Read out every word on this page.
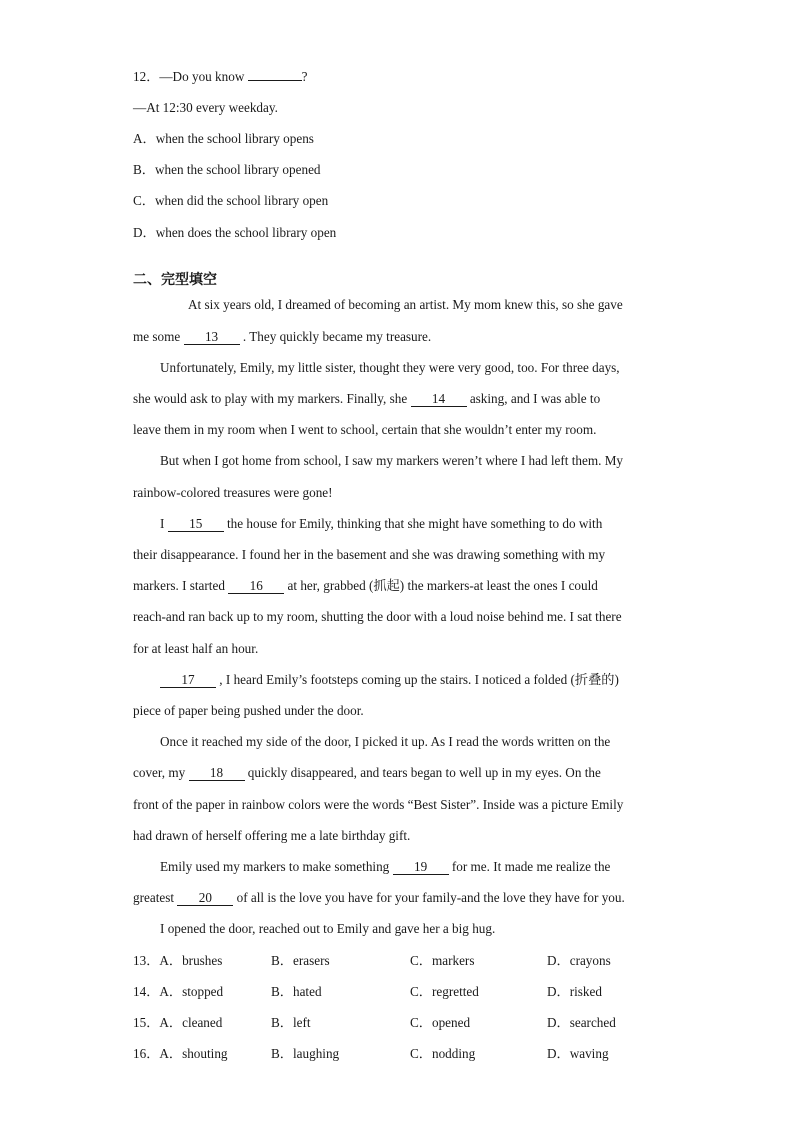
12．—Do you know	?
—At 12:30 every weekday.
A．when the school library opens
B．when the school library opened
C．when did the school library open
D．when does the school library open
二、完型填空
At six years old, I dreamed of becoming an artist. My mom knew this, so she gave
me some 13 . They quickly became my treasure.
Unfortunately, Emily, my little sister, thought they were very good, too. For three days,
she would ask to play with my markers. Finally, she 14 asking, and I was able to
leave them in my room when I went to school, certain that she wouldn’t enter my room.
But when I got home from school, I saw my markers weren’t where I had left them. My
rainbow-colored treasures were gone!
I 15 the house for Emily, thinking that she might have something to do with
their disappearance. I found her in the basement and she was drawing something with my
markers. I started 16 at her, grabbed (抓起) the markers-at least the ones I could
reach-and ran back up to my room, shutting the door with a loud noise behind me. I sat there
for at least half an hour.
17 , I heard Emily’s footsteps coming up the stairs. I noticed a folded (折叠的)
piece of paper being pushed under the door.
Once it reached my side of the door, I picked it up. As I read the words written on the
cover, my 18 quickly disappeared, and tears began to well up in my eyes. On the
front of the paper in rainbow colors were the words “Best Sister”. Inside was a picture Emily
had drawn of herself offering me a late birthday gift.
Emily used my markers to make something 19 for me. It made me realize the
greatest 20 of all is the love you have for your family-and the love they have for you.
I opened the door, reached out to Emily and gave her a big hug.
13．A．brushes	B．erasers	C．markers	D．crayons
14．A．stopped	B．hated	C．regretted	D．risked
15．A．cleaned	B．left	C．opened	D．searched
16．A．shouting	B．laughing	C．nodding	D．waving
